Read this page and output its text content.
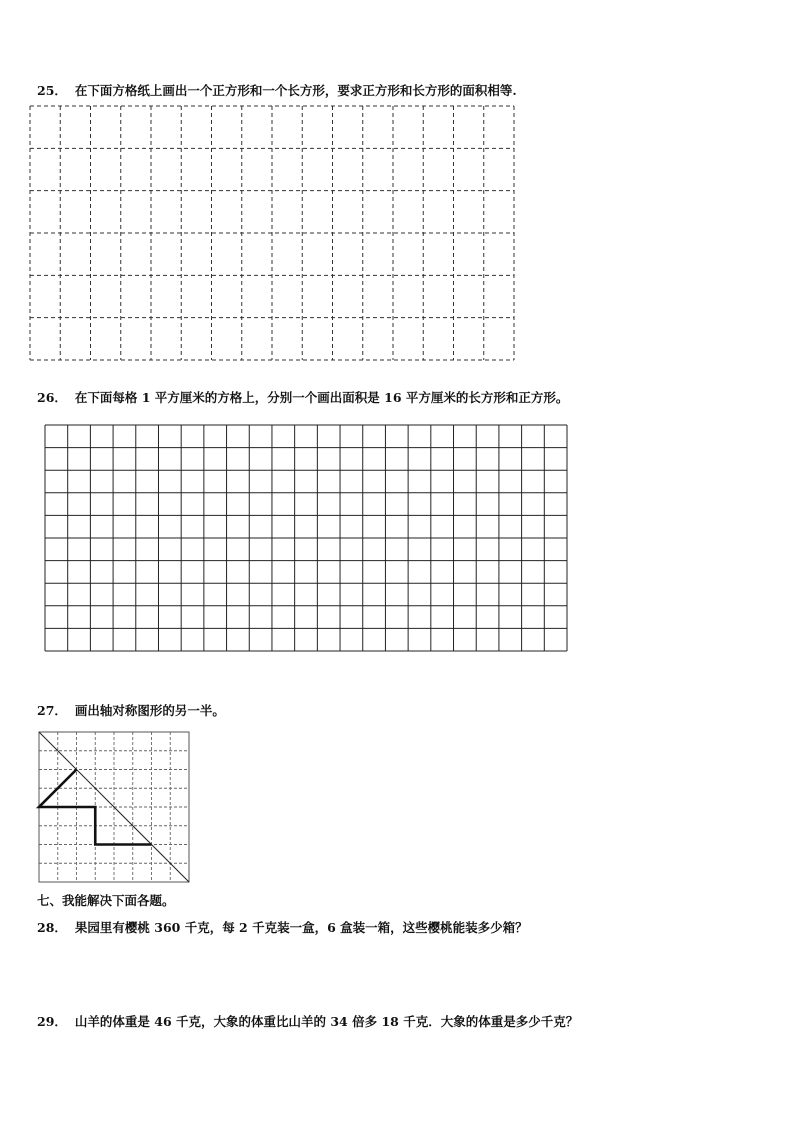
25． 在下面方格纸上画出一个正方形和一个长方形，要求正方形和长方形的面积相等.
26． 在下面每格 1 平方厘米的方格上，分别一个画出面积是 16 平方厘米的长方形和正方形。
27． 画出轴对称图形的另一半。
七、我能解决下面各题。
28． 果园里有樱桃 360 千克，每 2 千克装一盒，6 盒装一箱，这些樱桃能装多少箱？
29． 山羊的体重是 46 千克，大象的体重比山羊的 34 倍多 18 千克．大象的体重是多少千克？
